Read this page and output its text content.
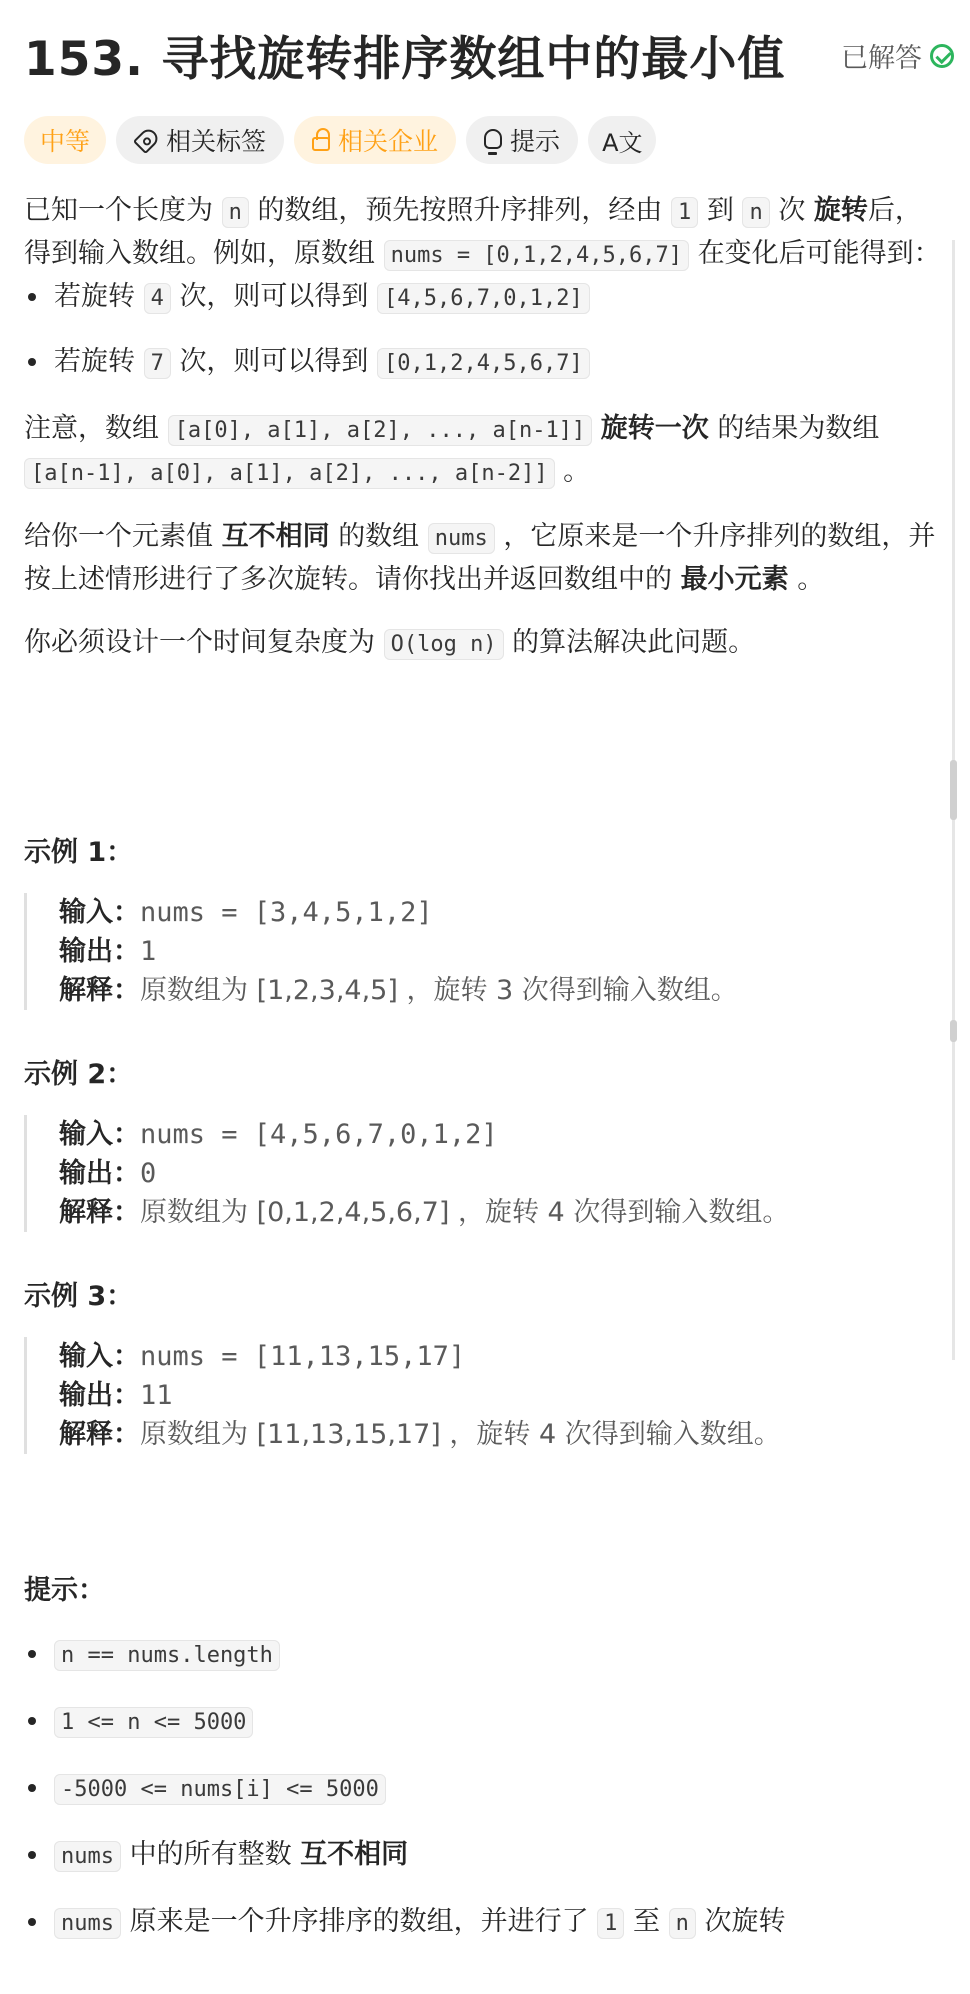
153. 寻找旋转排序数组中的最小值 已解答
中等	相关标签	相关企业	提示 A文

已知一个长度为 n 的数组，预先按照升序排列，经由 1 到 n 次 旋转后，得到输入数组。例如，原数组 nums = [0,1,2,4,5,6,7] 在变化后可能得到：

若旋转 4 次，则可以得到 [4,5,6,7,0,1,2]
若旋转 7 次，则可以得到 [0,1,2,4,5,6,7]

注意，数组 [a[0], a[1], a[2], ..., a[n-1]] 旋转一次 的结果为数组 [a[n-1], a[0], a[1], a[2], ..., a[n-2]] 。

给你一个元素值 互不相同 的数组 nums ，它原来是一个升序排列的数组，并按上述情形进行了多次旋转。请你找出并返回数组中的 最小元素 。

你必须设计一个时间复杂度为 O(log n) 的算法解决此问题。

示例 1：
输入：nums = [3,4,5,1,2]
输出：1
解释：原数组为 [1,2,3,4,5] ，旋转 3 次得到输入数组。
示例 2：
输入：nums = [4,5,6,7,0,1,2]
输出：0
解释：原数组为 [0,1,2,4,5,6,7] ，旋转 4 次得到输入数组。
示例 3：
输入：nums = [11,13,15,17]
输出：11
解释：原数组为 [11,13,15,17] ，旋转 4 次得到输入数组。
提示：
n == nums.length
1 <= n <= 5000
-5000 <= nums[i] <= 5000
nums 中的所有整数 互不相同
nums 原来是一个升序排序的数组，并进行了 1 至 n 次旋转
